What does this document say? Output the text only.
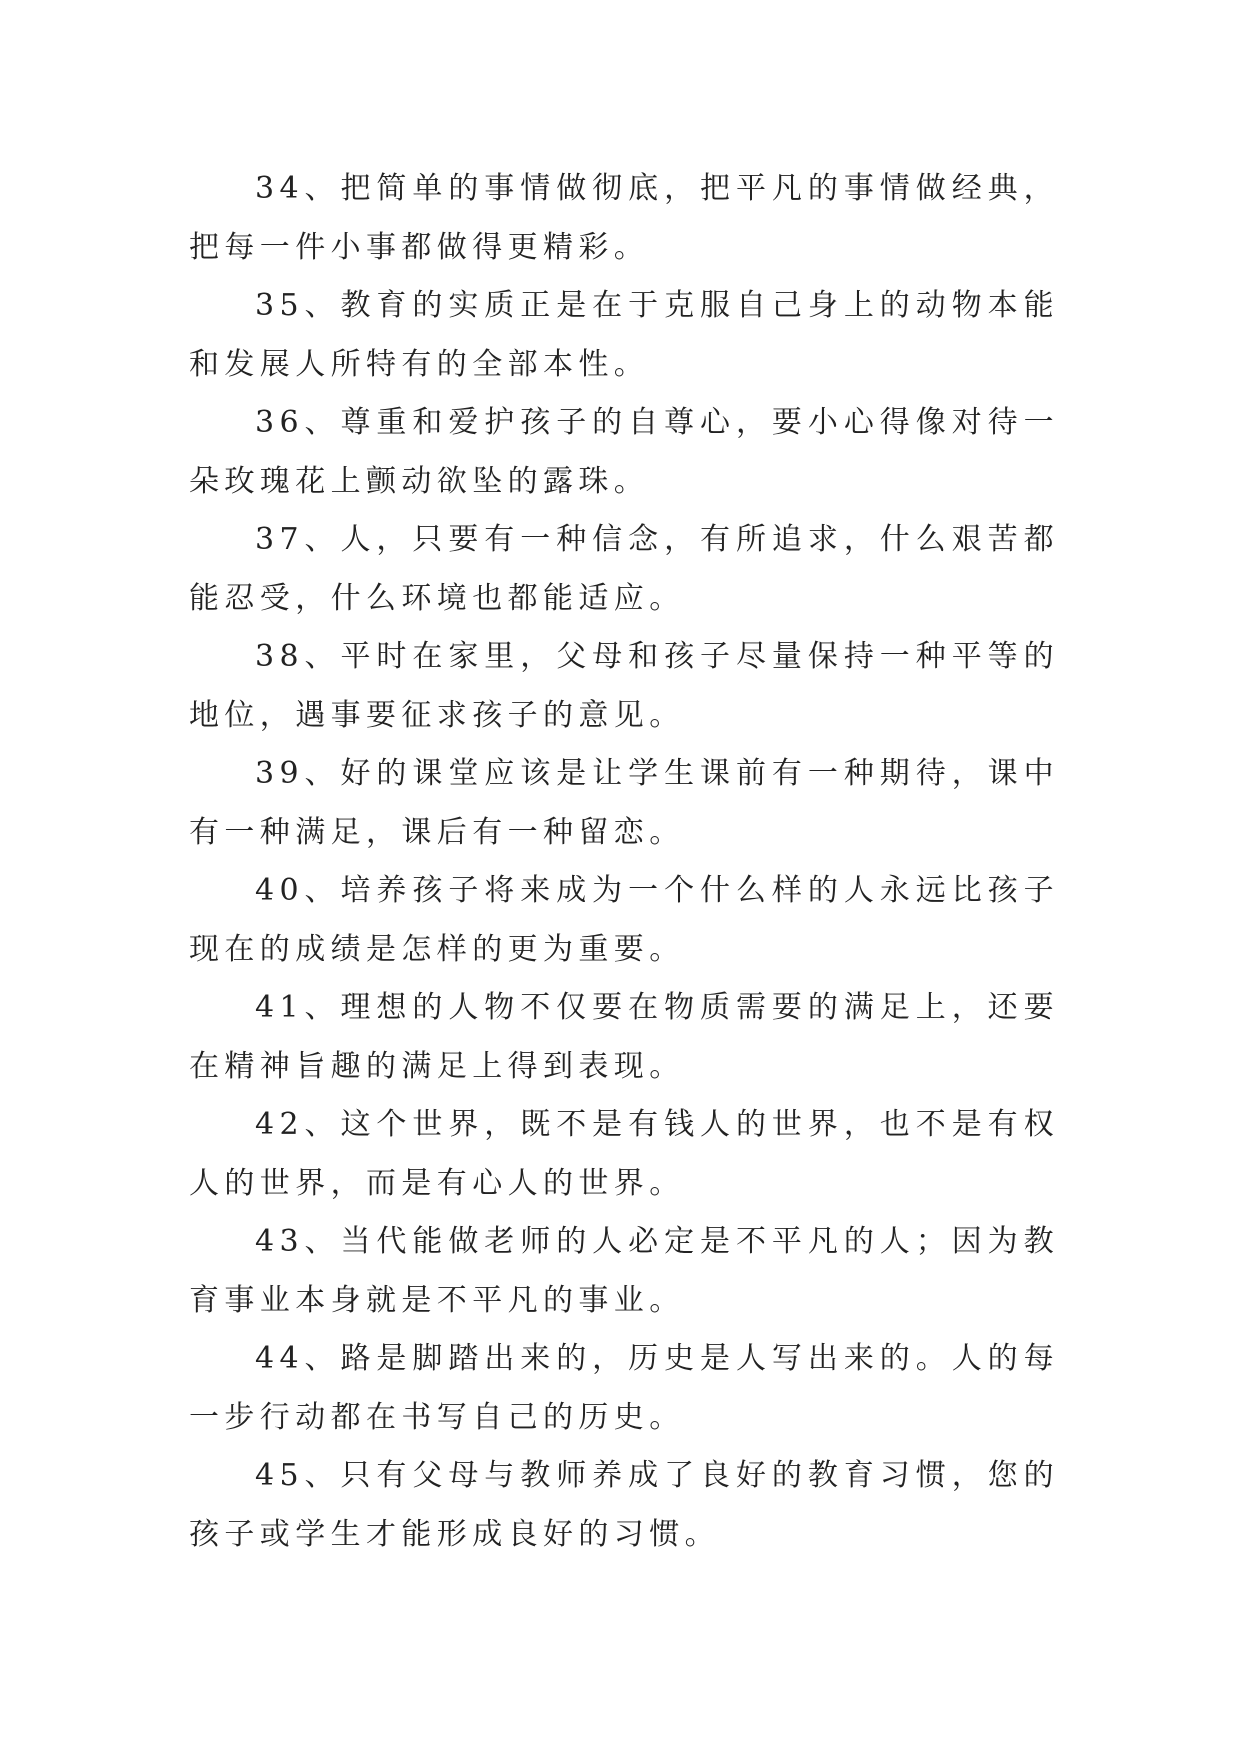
34、把简单的事情做彻底，把平凡的事情做经典，把每一件小事都做得更精彩。

35、教育的实质正是在于克服自己身上的动物本能和发展人所特有的全部本性。

36、尊重和爱护孩子的自尊心，要小心得像对待一朵玫瑰花上颤动欲坠的露珠。

37、人，只要有一种信念，有所追求，什么艰苦都能忍受，什么环境也都能适应。

38、平时在家里，父母和孩子尽量保持一种平等的地位，遇事要征求孩子的意见。

39、好的课堂应该是让学生课前有一种期待，课中有一种满足，课后有一种留恋。

40、培养孩子将来成为一个什么样的人永远比孩子现在的成绩是怎样的更为重要。

41、理想的人物不仅要在物质需要的满足上，还要在精神旨趣的满足上得到表现。

42、这个世界，既不是有钱人的世界，也不是有权人的世界，而是有心人的世界。

43、当代能做老师的人必定是不平凡的人；因为教育事业本身就是不平凡的事业。

44、路是脚踏出来的，历史是人写出来的。人的每一步行动都在书写自己的历史。

45、只有父母与教师养成了良好的教育习惯，您的孩子或学生才能形成良好的习惯。
